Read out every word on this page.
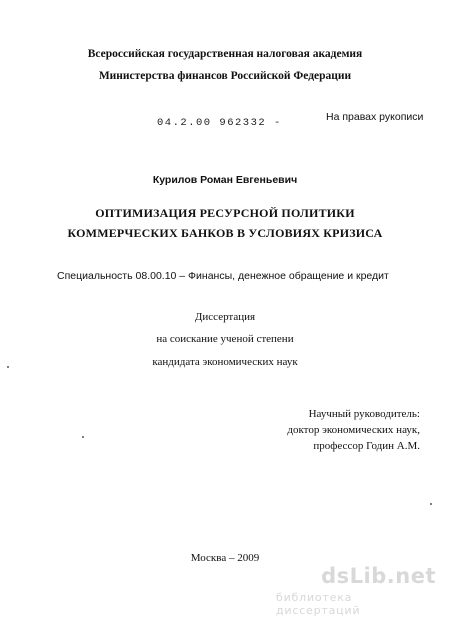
Всероссийская государственная налоговая академия
Министерства финансов Российской Федерации
04.2.00 962332 -	На правах рукописи
Курилов Роман Евгеньевич
ОПТИМИЗАЦИЯ РЕСУРСНОЙ ПОЛИТИКИ
КОММЕРЧЕСКИХ БАНКОВ В УСЛОВИЯХ КРИЗИСА
Специальность 08.00.10 – Финансы, денежное обращение и кредит
Диссертация
на соискание ученой степени
кандидата экономических наук
Научный руководитель:
доктор экономических наук,
профессор Годин А.М.
Москва – 2009
dsLib.net
библиотека диссертаций
